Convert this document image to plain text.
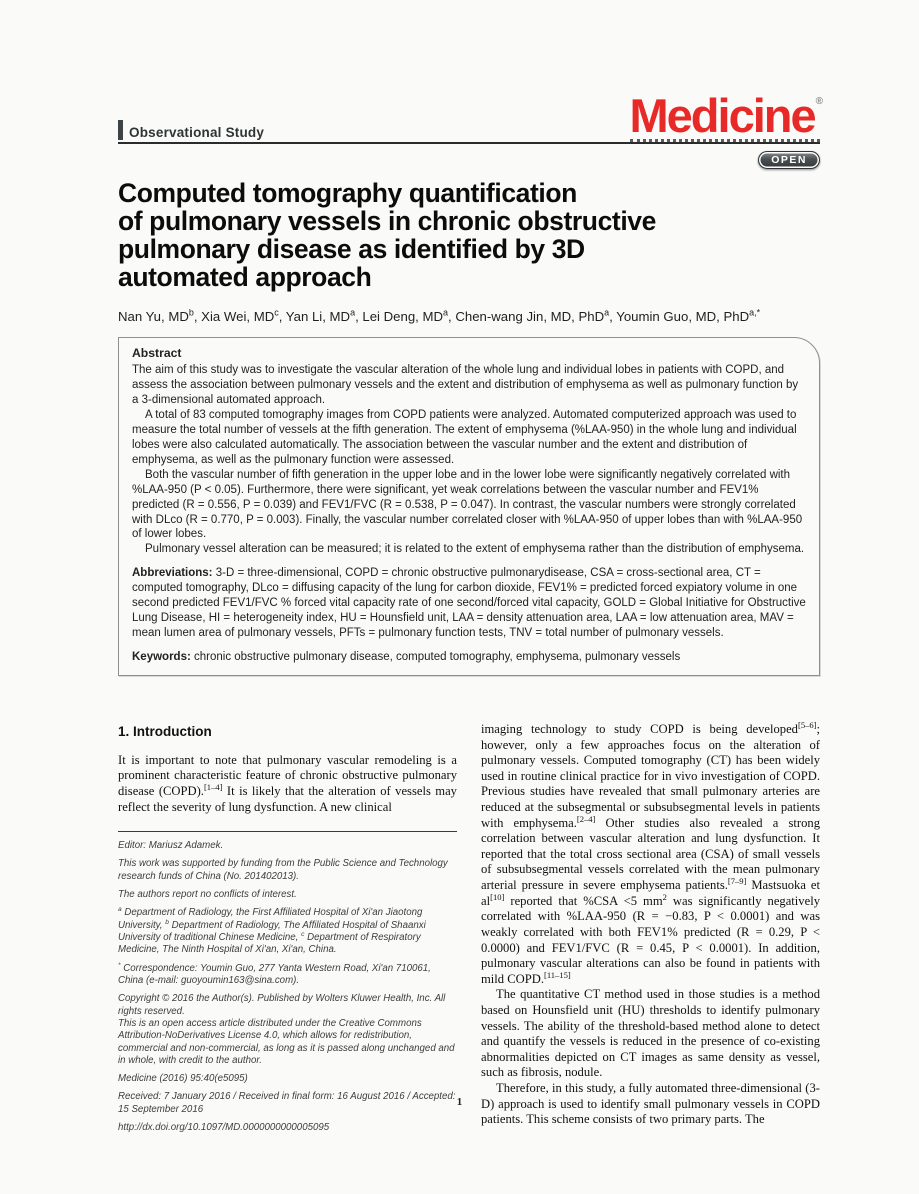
Observational Study	Medicine®
OPEN
Computed tomography quantification
of pulmonary vessels in chronic obstructive
pulmonary disease as identified by 3D
automated approach
Nan Yu, $MD^b$, Xia Wei, $MD^c$, Yan Li, $MD^a$, Lei Deng, $MD^a$, Chen-wang Jin, MD, PhD$^a$, Youmin Guo, MD, PhD$^{a,*}$
Abstract

The aim of this study was to investigate the vascular alteration of the whole lung and individual lobes in patients with COPD, and assess the association between pulmonary vessels and the extent and distribution of emphysema as well as pulmonary function by a 3-dimensional automated approach.

A total of 83 computed tomography images from COPD patients were analyzed. Automated computerized approach was used to measure the total number of vessels at the fifth generation. The extent of emphysema (%LAA-950) in the whole lung and individual lobes were also calculated automatically. The association between the vascular number and the extent and distribution of emphysema, as well as the pulmonary function were assessed.

Both the vascular number of fifth generation in the upper lobe and in the lower lobe were significantly negatively correlated with %LAA-950 (P < 0.05). Furthermore, there were significant, yet weak correlations between the vascular number and FEV1% predicted (R = 0.556, P = 0.039) and FEV1/FVC (R = 0.538, P = 0.047). In contrast, the vascular numbers were strongly correlated with DLco (R = 0.770, P = 0.003). Finally, the vascular number correlated closer with %LAA-950 of upper lobes than with %LAA-950 of lower lobes.

Pulmonary vessel alteration can be measured; it is related to the extent of emphysema rather than the distribution of emphysema.

Abbreviations: 3-D = three-dimensional, COPD = chronic obstructive pulmonarydisease, CSA = cross-sectional area, CT = computed tomography, DLco = diffusing capacity of the lung for carbon dioxide, FEV1% = predicted forced expiatory volume in one second predicted FEV1/FVC % forced vital capacity rate of one second/forced vital capacity, GOLD = Global Initiative for Obstructive Lung Disease, HI = heterogeneity index, HU = Hounsfield unit, LAA = density attenuation area, LAA = low attenuation area, MAV = mean lumen area of pulmonary vessels, PFTs = pulmonary function tests, TNV = total number of pulmonary vessels.

Keywords: chronic obstructive pulmonary disease, computed tomography, emphysema, pulmonary vessels

1. Introduction

It is important to note that pulmonary vascular remodeling is a prominent characteristic feature of chronic obstructive pulmonary disease (COPD).[1–4] It is likely that the alteration of vessels may reflect the severity of lung dysfunction. A new clinical

Editor: Mariusz Adamek.

This work was supported by funding from the Public Science and Technology research funds of China (No. 201402013).

The authors report no conflicts of interest.

$^a$ Department of Radiology, the First Affiliated Hospital of Xi'an Jiaotong University, $^b$ Department of Radiology, The Affiliated Hospital of Shaanxi University of traditional Chinese Medicine, $^c$ Department of Respiratory Medicine, The Ninth Hospital of Xi'an, Xi'an, China.

* Correspondence: Youmin Guo, 277 Yanta Western Road, Xi'an 710061, China (e-mail: guoyoumin163@sina.com).

Copyright © 2016 the Author(s). Published by Wolters Kluwer Health, Inc. All rights reserved.

This is an open access article distributed under the Creative Commons Attribution-NoDerivatives License 4.0, which allows for redistribution, commercial and non-commercial, as long as it is passed along unchanged and in whole, with credit to the author.

Medicine (2016) 95:40(e5095)

Received: 7 January 2016 / Received in final form: 16 August 2016 / Accepted: 15 September 2016

http://dx.doi.org/10.1097/MD.0000000000005095

imaging technology to study COPD is being developed[5–6]; however, only a few approaches focus on the alteration of pulmonary vessels. Computed tomography (CT) has been widely used in routine clinical practice for in vivo investigation of COPD. Previous studies have revealed that small pulmonary arteries are reduced at the subsegmental or subsubsegmental levels in patients with emphysema.[2–4] Other studies also revealed a strong correlation between vascular alteration and lung dysfunction. It reported that the total cross sectional area (CSA) of small vessels of subsubsegmental vessels correlated with the mean pulmonary arterial pressure in severe emphysema patients.[7–9] Mastsuoka et al[10] reported that %CSA <5 $mm^2$ was significantly negatively correlated with %LAA-950 (R = −0.83, P < 0.0001) and was weakly correlated with both FEV1% predicted (R = 0.29, P < 0.0000) and FEV1/FVC (R = 0.45, P < 0.0001). In addition, pulmonary vascular alterations can also be found in patients with mild COPD.[11–15]

The quantitative CT method used in those studies is a method based on Hounsfield unit (HU) thresholds to identify pulmonary vessels. The ability of the threshold-based method alone to detect and quantify the vessels is reduced in the presence of co-existing abnormalities depicted on CT images as same density as vessel, such as fibrosis, nodule.

Therefore, in this study, a fully automated three-dimensional (3-D) approach is used to identify small pulmonary vessels in COPD patients. This scheme consists of two primary parts. The

1
